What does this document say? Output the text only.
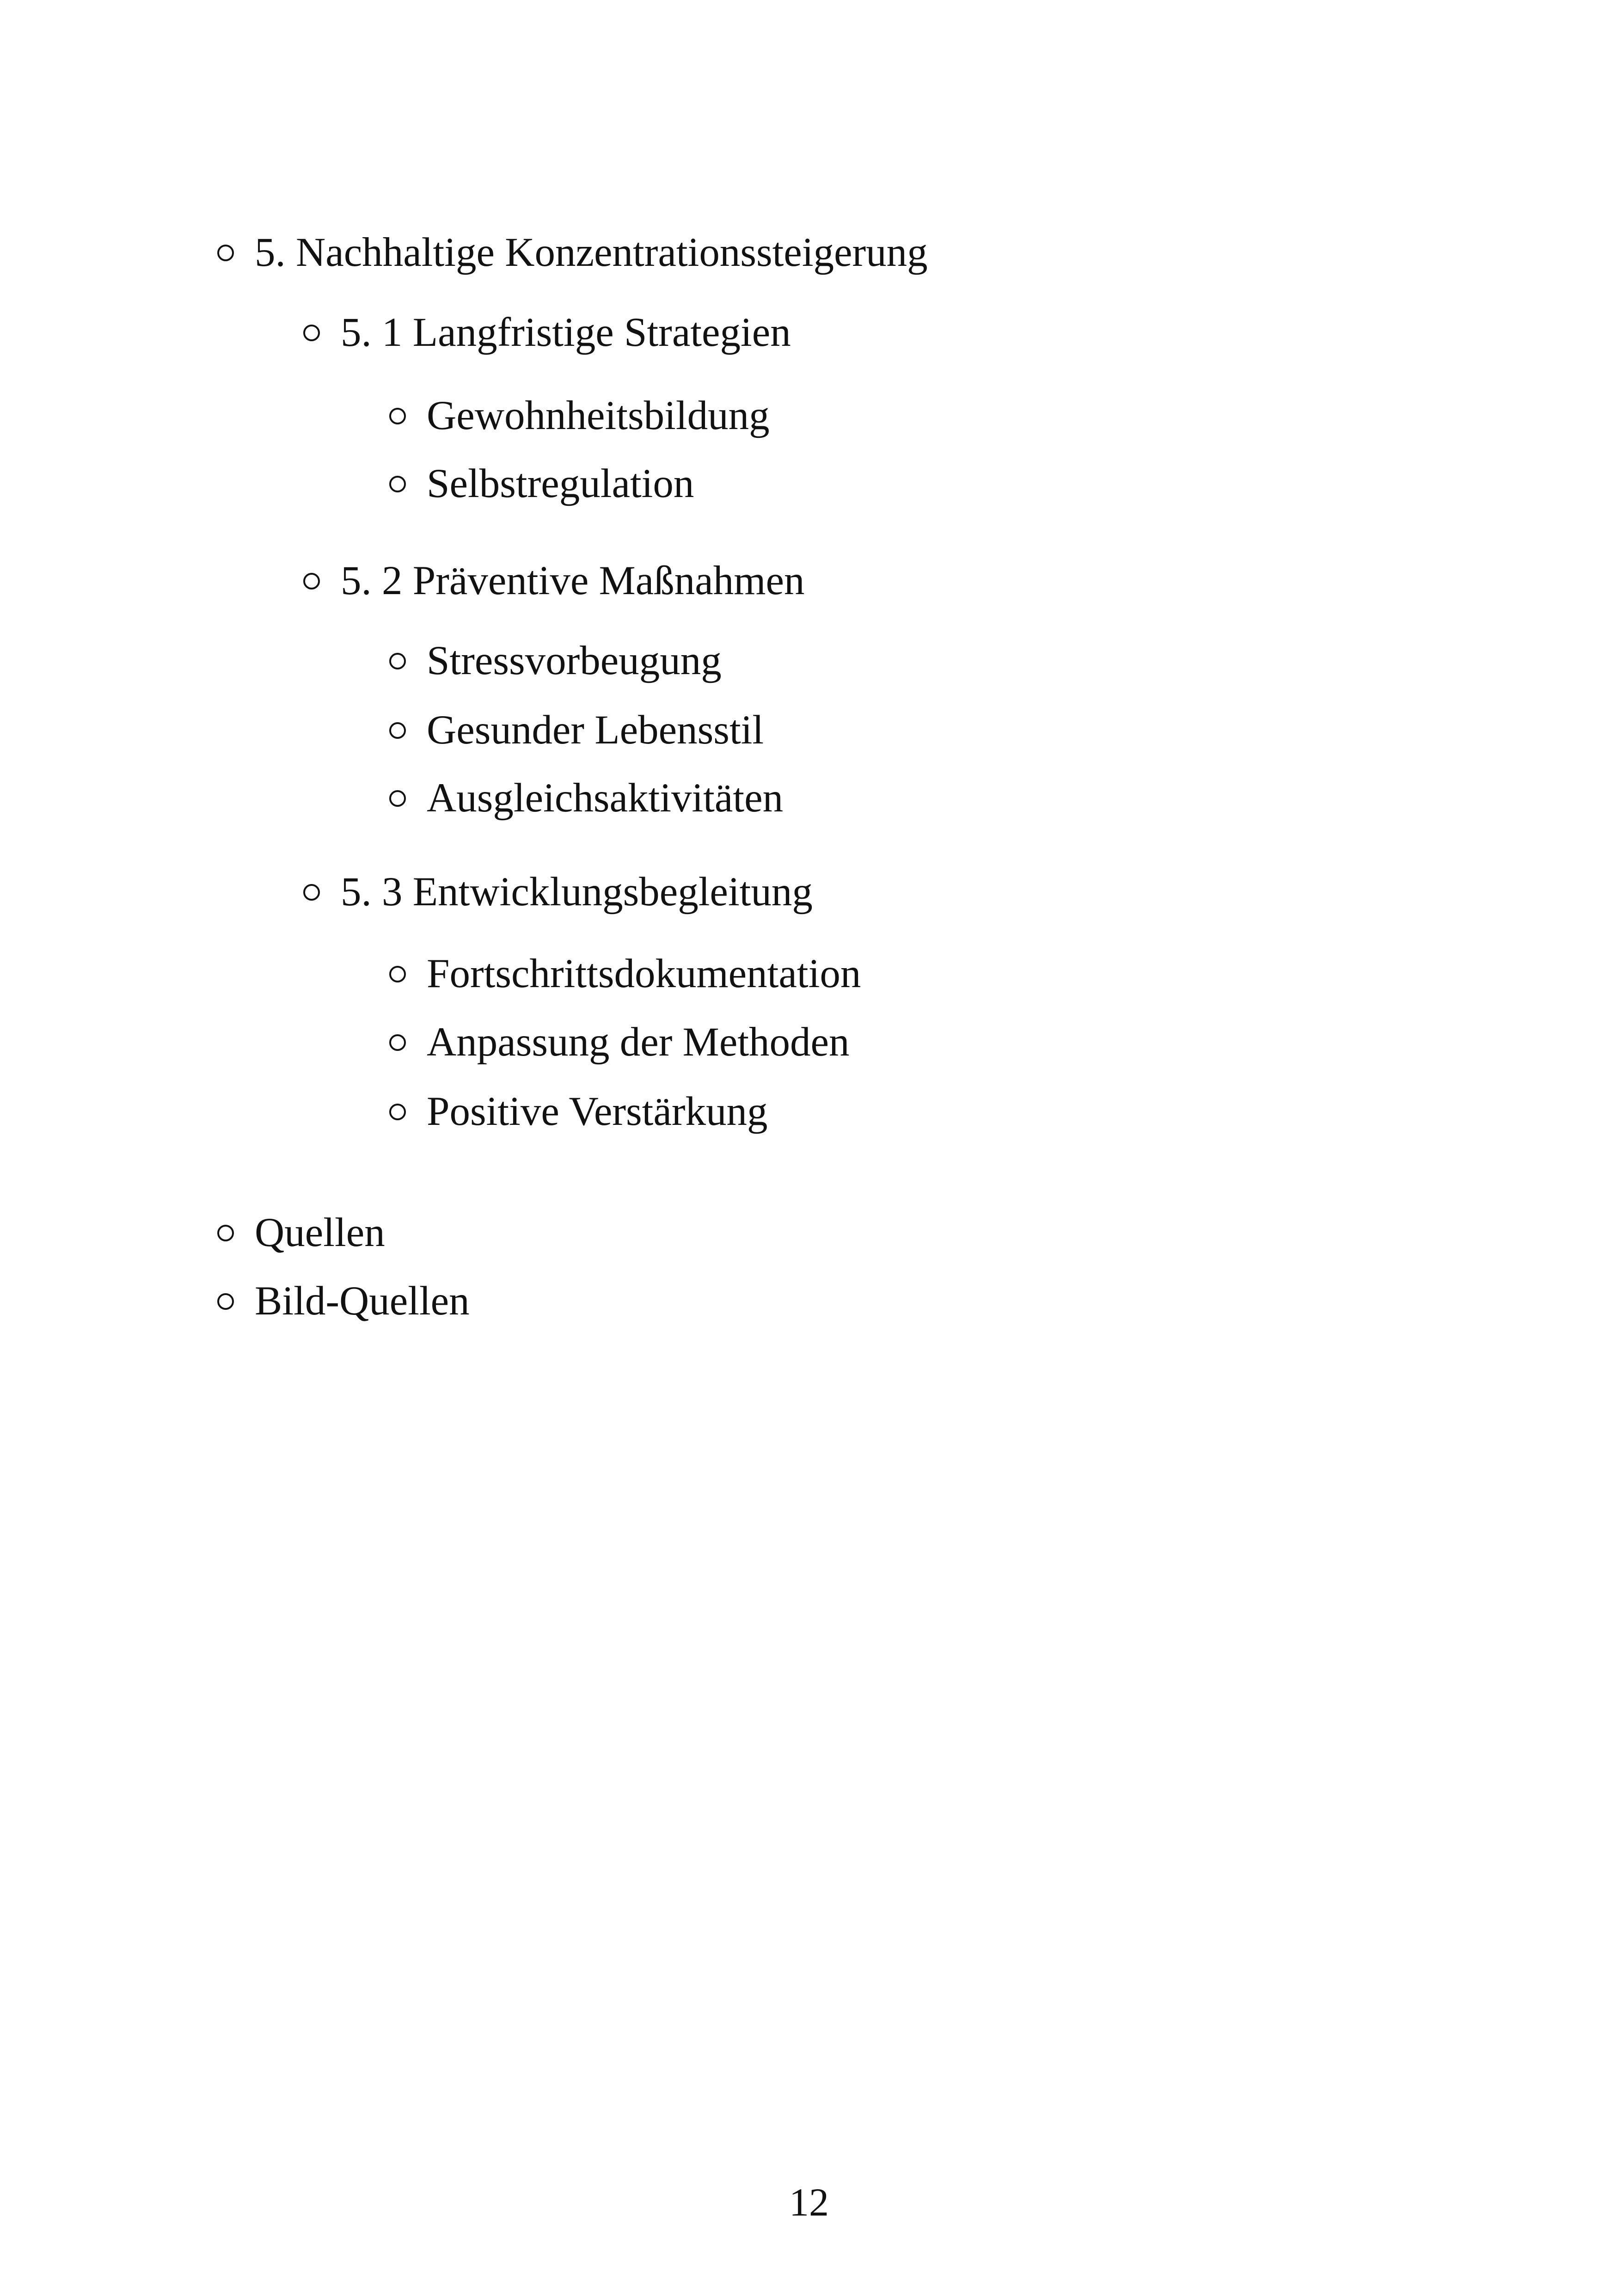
5. Nachhaltige Konzentrationssteigerung
5. 1 Langfristige Strategien
Gewohnheitsbildung
Selbstregulation
5. 2 Präventive Maßnahmen
Stressvorbeugung
Gesunder Lebensstil
Ausgleichsaktivitäten
5. 3 Entwicklungsbegleitung
Fortschrittsdokumentation
Anpassung der Methoden
Positive Verstärkung
Quellen
Bild-Quellen
12
